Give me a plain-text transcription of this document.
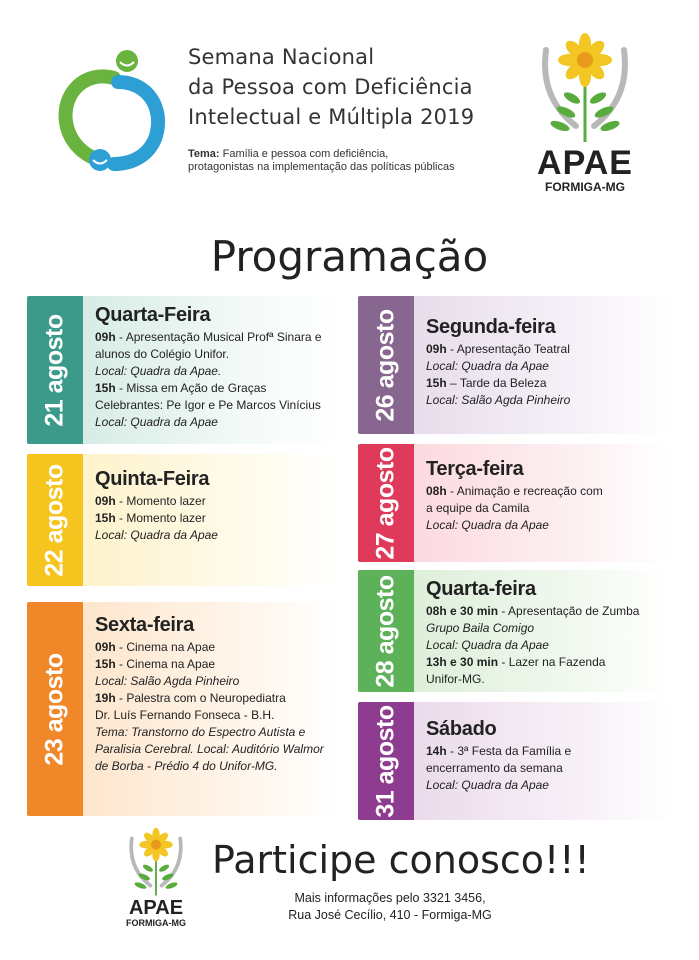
Semana Nacional
da Pessoa com Deficiência
Intelectual e Múltipla 2019
Tema: Família e pessoa com deficiência,
protagonistas na implementação das políticas públicas	APAE
FORMIGA-MG
Programação
21 agosto Quarta-Feira
09h - Apresentação Musical Profª Sinara e
alunos do Colégio Unifor.
Local: Quadra da Apae.
15h - Missa em Ação de Graças
Celebrantes: Pe Igor e Pe Marcos Vinícius
Local: Quadra da Apae
22 agosto Quinta-Feira
09h - Momento lazer
15h - Momento lazer
Local: Quadra da Apae
23 agosto
Sexta-feira
09h - Cinema na Apae
15h - Cinema na Apae
Local: Salão Agda Pinheiro
19h - Palestra com o Neuropediatra
Dr. Luís Fernando Fonseca - B.H.
Tema: Transtorno do Espectro Autista e
Paralisia Cerebral. Local: Auditório Walmor
de Borba - Prédio 4 do Unifor-MG.
26 agosto Segunda-feira
09h - Apresentação Teatral
Local: Quadra da Apae
15h – Tarde da Beleza
Local: Salão Agda Pinheiro
27 agosto Terça-feira
08h - Animação e recreação com
a equipe da Camila
Local: Quadra da Apae
28 agosto Quarta-feira
08h e 30 min - Apresentação de Zumba
Grupo Baila Comigo
Local: Quadra da Apae
13h e 30 min - Lazer na Fazenda
Unifor-MG.
31 agosto Sábado
14h - 3ª Festa da Família e
encerramento da semana
Local: Quadra da Apae
APAE
FORMIGA-MG
Participe conosco!!!
Mais informações pelo 3321 3456,
Rua José Cecílio, 410 - Formiga-MG
